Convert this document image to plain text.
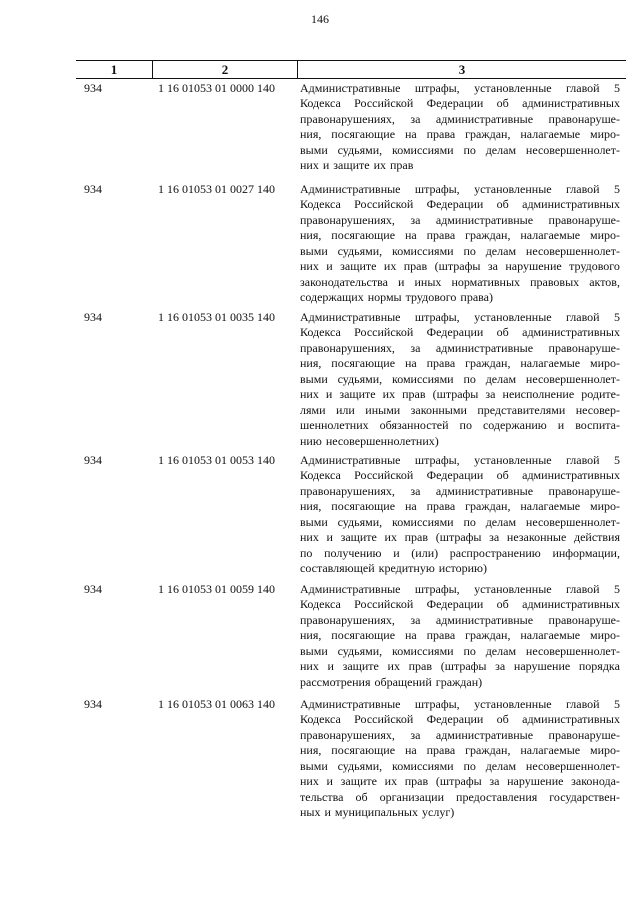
146
1	2	3
934	1 16 01053 01 0000 140 Административные штрафы, установленные главой 5
Кодекса Российской Федерации об административных
правонарушениях, за административные правонаруше-
ния, посягающие на права граждан, налагаемые миро-
выми судьями, комиссиями по делам несовершеннолет-
них и защите их прав
934	1 16 01053 01 0027 140 Административные штрафы, установленные главой 5
Кодекса Российской Федерации об административных
правонарушениях, за административные правонаруше-
ния, посягающие на права граждан, налагаемые миро-
выми судьями, комиссиями по делам несовершеннолет-
них и защите их прав (штрафы за нарушение трудового
законодательства и иных нормативных правовых актов,
содержащих нормы трудового права)
934	1 16 01053 01 0035 140 Административные штрафы, установленные главой 5
Кодекса Российской Федерации об административных
правонарушениях, за административные правонаруше-
ния, посягающие на права граждан, налагаемые миро-
выми судьями, комиссиями по делам несовершеннолет-
них и защите их прав (штрафы за неисполнение родите-
лями или иными законными представителями несовер-
шеннолетних обязанностей по содержанию и воспита-
нию несовершеннолетних)
934	1 16 01053 01 0053 140 Административные штрафы, установленные главой 5
Кодекса Российской Федерации об административных
правонарушениях, за административные правонаруше-
ния, посягающие на права граждан, налагаемые миро-
выми судьями, комиссиями по делам несовершеннолет-
них и защите их прав (штрафы за незаконные действия
по получению и (или) распространению информации,
составляющей кредитную историю)
934	1 16 01053 01 0059 140 Административные штрафы, установленные главой 5
Кодекса Российской Федерации об административных
правонарушениях, за административные правонаруше-
ния, посягающие на права граждан, налагаемые миро-
выми судьями, комиссиями по делам несовершеннолет-
них и защите их прав (штрафы за нарушение порядка
рассмотрения обращений граждан)
934	1 16 01053 01 0063 140 Административные штрафы, установленные главой 5
Кодекса Российской Федерации об административных
правонарушениях, за административные правонаруше-
ния, посягающие на права граждан, налагаемые миро-
выми судьями, комиссиями по делам несовершеннолет-
них и защите их прав (штрафы за нарушение законода-
тельства об организации предоставления государствен-
ных и муниципальных услуг)
